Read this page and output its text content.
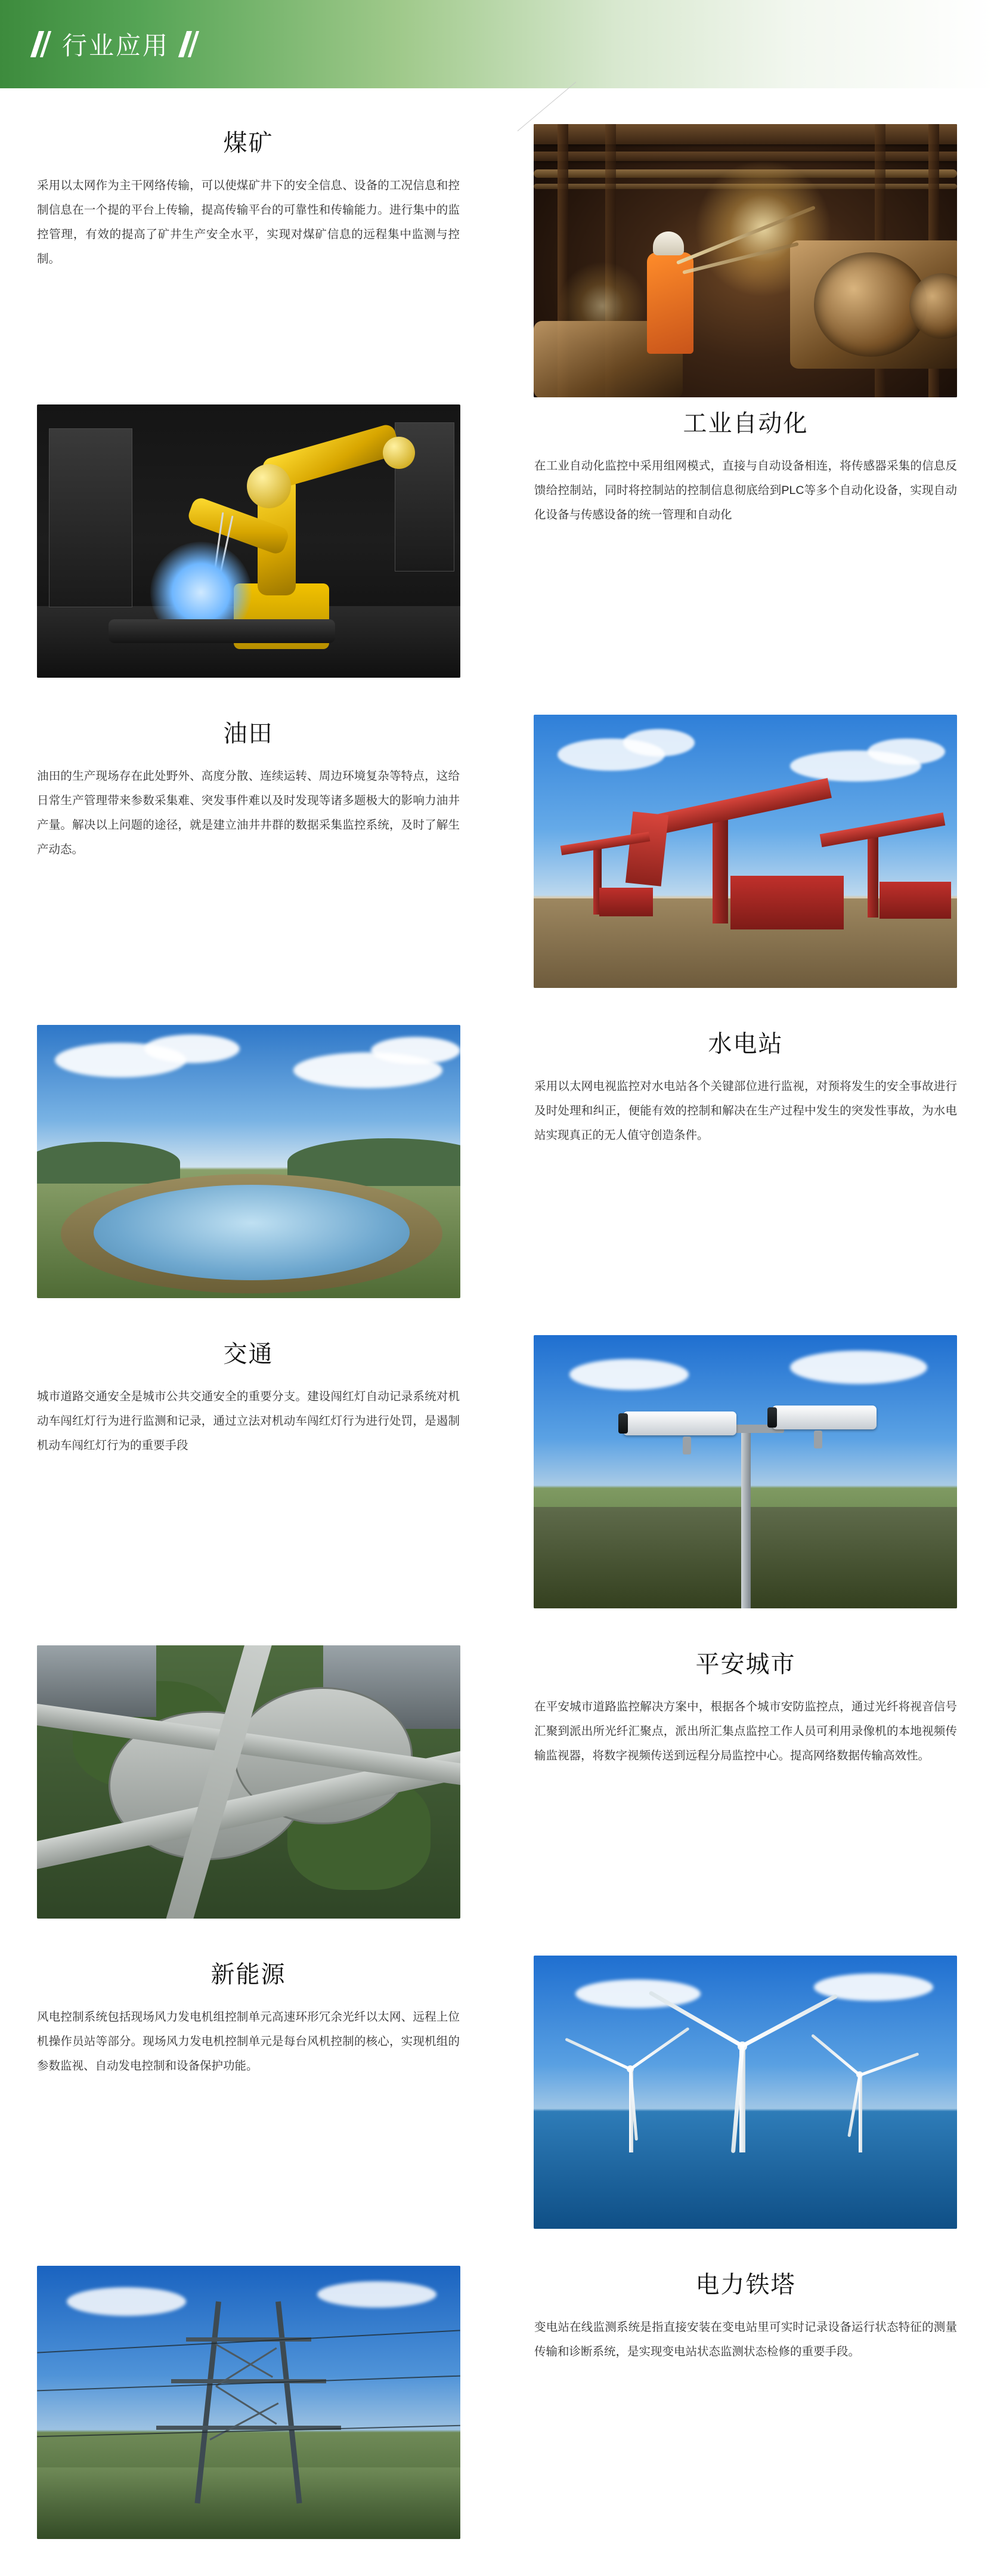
行业应用
煤矿
采用以太网作为主干网络传输，可以使煤矿井下的安全信息、设备的工况信息和控制信息在一个提的平台上传输，提高传输平台的可靠性和传输能力。进行集中的监控管理，有效的提高了矿井生产安全水平，实现对煤矿信息的远程集中监测与控制。
工业自动化
在工业自动化监控中采用组网模式，直接与自动设备相连，将传感器采集的信息反馈给控制站，同时将控制站的控制信息彻底给到PLC等多个自动化设备，实现自动化设备与传感设备的统一管理和自动化
油田
油田的生产现场存在此处野外、高度分散、连续运转、周边环境复杂等特点，这给日常生产管理带来参数采集难、突发事件难以及时发现等诸多题极大的影响力油井产量。解决以上问题的途径，就是建立油井井群的数据采集监控系统，及时了解生产动态。
水电站
采用以太网电视监控对水电站各个关键部位进行监视，对预将发生的安全事故进行及时处理和纠正，便能有效的控制和解决在生产过程中发生的突发性事故，为水电站实现真正的无人值守创造条件。
交通
城市道路交通安全是城市公共交通安全的重要分支。建设闯红灯自动记录系统对机动车闯红灯行为进行监测和记录，通过立法对机动车闯红灯行为进行处罚，是遏制机动车闯红灯行为的重要手段
平安城市
在平安城市道路监控解决方案中，根据各个城市安防监控点，通过光纤将视音信号汇聚到派出所光纤汇聚点，派出所汇集点监控工作人员可利用录像机的本地视频传输监视器，将数字视频传送到远程分局监控中心。提高网络数据传输高效性。
新能源
风电控制系统包括现场风力发电机组控制单元高速环形冗余光纤以太网、远程上位机操作员站等部分。现场风力发电机控制单元是每台风机控制的核心，实现机组的参数监视、自动发电控制和设备保护功能。
电力铁塔
变电站在线监测系统是指直接安装在变电站里可实时记录设备运行状态特征的测量传输和诊断系统，是实现变电站状态监测状态检修的重要手段。
